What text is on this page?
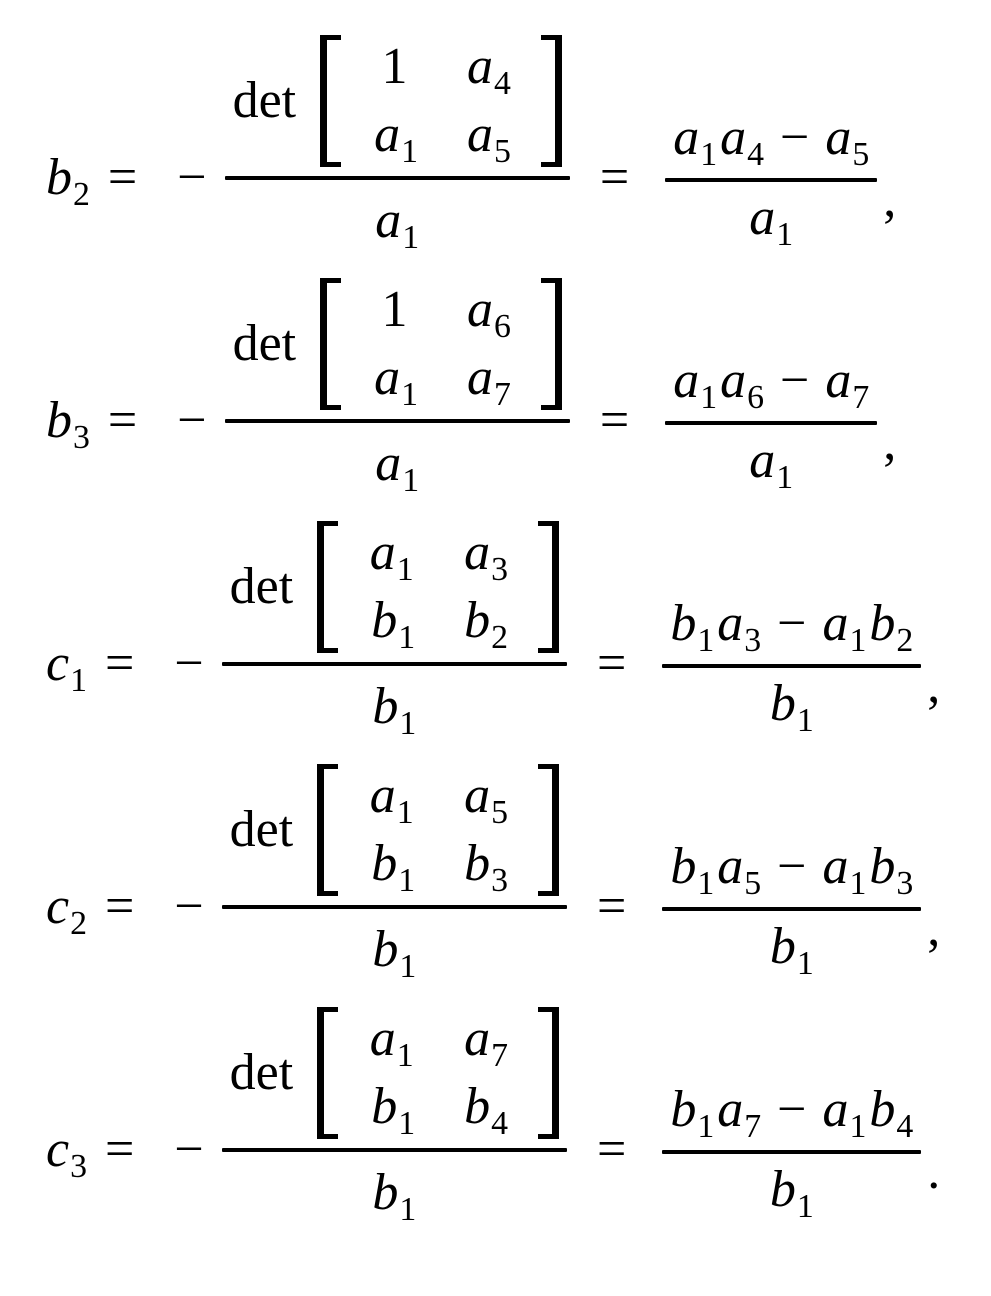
b 2 = − det
1 a 4
a 1 a 5
a $1 = \frac{a 1 a 4 - a 5}{a 1}$ ,
b 3 = − det
1 a 6
a 1 a 7
a $1 = \frac{a 1 a 6 - a 7}{a 1}$ ,
c 1 = − det
a 1 a 3
b 1 b 2
b $1 = \frac{b 1 a 3 - a 1 b 2}{b 1}$ ,
c 2 = − det
a 1 a 5
b 1 b 3
b $1 = \frac{b 1 a 5 - a 1 b 3}{b 1}$ ,
c 3 = − det
a 1 a 7
b 1 b 4
b $1 = \frac{b 1 a 7 - a 1 b 4}{b 1}$ .
